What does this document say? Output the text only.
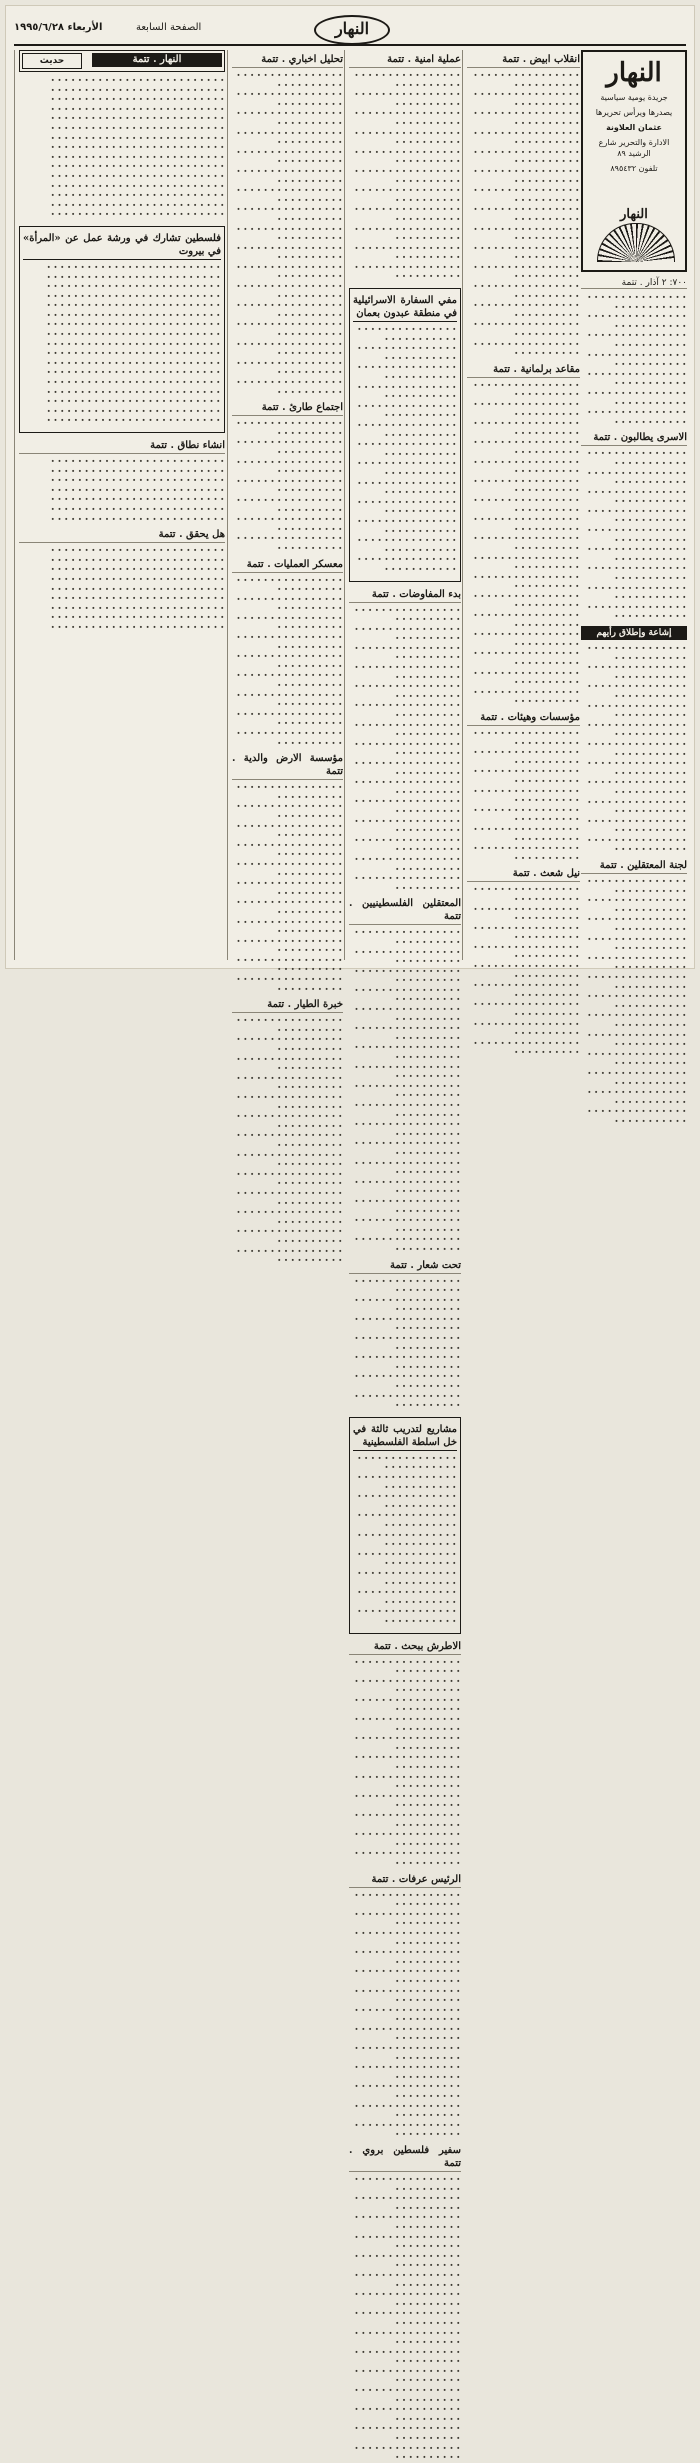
النهار
الصفحة السابعة
الأربعاء ١٩٩٥/٦/٢٨
النهار
جريدة يومية سياسية
يصدرها ويرأس تحريرها
عثمان العلاونة
الادارة والتحرير شارع الرشيد ٨٩
تلفون ٨٩٥٤٣٢
النهار
٧٠٠: ٢ آذار . تتمة

∙ ∙ ∙ ∙ ∙ ∙ ∙ ∙ ∙ ∙ ∙ ∙ ∙ ∙ ∙ ∙ ∙ ∙ ∙ ∙ ∙ ∙ ∙ ∙ ∙ ∙ 
∙ ∙ ∙ ∙ ∙ ∙ ∙ ∙ ∙ ∙ ∙ ∙ ∙ ∙ ∙ ∙ ∙ ∙ ∙ ∙ ∙ ∙ ∙ ∙ ∙ ∙ 
∙ ∙ ∙ ∙ ∙ ∙ ∙ ∙ ∙ ∙ ∙ ∙ ∙ ∙ ∙ ∙ ∙ ∙ ∙ ∙ ∙ ∙ ∙ ∙ ∙ ∙ 
∙ ∙ ∙ ∙ ∙ ∙ ∙ ∙ ∙ ∙ ∙ ∙ ∙ ∙ ∙ ∙ ∙ ∙ ∙ ∙ ∙ ∙ ∙ ∙ ∙ ∙ 
∙ ∙ ∙ ∙ ∙ ∙ ∙ ∙ ∙ ∙ ∙ ∙ ∙ ∙ ∙ ∙ ∙ ∙ ∙ ∙ ∙ ∙ ∙ ∙ ∙ ∙ 
∙ ∙ ∙ ∙ ∙ ∙ ∙ ∙ ∙ ∙ ∙ ∙ ∙ ∙ ∙ ∙ ∙ ∙ ∙ ∙ ∙ ∙ ∙ ∙ ∙ ∙ 
∙ ∙ ∙ ∙ ∙ ∙ ∙ ∙ ∙ ∙ ∙ ∙ ∙ ∙ ∙ ∙ ∙ ∙ ∙ ∙ ∙ ∙ ∙ ∙ ∙ ∙ 

الاسرى يطالبون . تتمة

∙ ∙ ∙ ∙ ∙ ∙ ∙ ∙ ∙ ∙ ∙ ∙ ∙ ∙ ∙ ∙ ∙ ∙ ∙ ∙ ∙ ∙ ∙ ∙ ∙ ∙ 
∙ ∙ ∙ ∙ ∙ ∙ ∙ ∙ ∙ ∙ ∙ ∙ ∙ ∙ ∙ ∙ ∙ ∙ ∙ ∙ ∙ ∙ ∙ ∙ ∙ ∙ 
∙ ∙ ∙ ∙ ∙ ∙ ∙ ∙ ∙ ∙ ∙ ∙ ∙ ∙ ∙ ∙ ∙ ∙ ∙ ∙ ∙ ∙ ∙ ∙ ∙ ∙ 
∙ ∙ ∙ ∙ ∙ ∙ ∙ ∙ ∙ ∙ ∙ ∙ ∙ ∙ ∙ ∙ ∙ ∙ ∙ ∙ ∙ ∙ ∙ ∙ ∙ ∙ 
∙ ∙ ∙ ∙ ∙ ∙ ∙ ∙ ∙ ∙ ∙ ∙ ∙ ∙ ∙ ∙ ∙ ∙ ∙ ∙ ∙ ∙ ∙ ∙ ∙ ∙ 
∙ ∙ ∙ ∙ ∙ ∙ ∙ ∙ ∙ ∙ ∙ ∙ ∙ ∙ ∙ ∙ ∙ ∙ ∙ ∙ ∙ ∙ ∙ ∙ ∙ ∙ 
∙ ∙ ∙ ∙ ∙ ∙ ∙ ∙ ∙ ∙ ∙ ∙ ∙ ∙ ∙ ∙ ∙ ∙ ∙ ∙ ∙ ∙ ∙ ∙ ∙ ∙ 
∙ ∙ ∙ ∙ ∙ ∙ ∙ ∙ ∙ ∙ ∙ ∙ ∙ ∙ ∙ ∙ ∙ ∙ ∙ ∙ ∙ ∙ ∙ ∙ ∙ ∙ 
∙ ∙ ∙ ∙ ∙ ∙ ∙ ∙ ∙ ∙ ∙ ∙ ∙ ∙ ∙ ∙ ∙ ∙ ∙ ∙ ∙ ∙ ∙ ∙ ∙ ∙ 

إشاعة وإطلاق رأيهم

∙ ∙ ∙ ∙ ∙ ∙ ∙ ∙ ∙ ∙ ∙ ∙ ∙ ∙ ∙ ∙ ∙ ∙ ∙ ∙ ∙ ∙ ∙ ∙ ∙ ∙ 
∙ ∙ ∙ ∙ ∙ ∙ ∙ ∙ ∙ ∙ ∙ ∙ ∙ ∙ ∙ ∙ ∙ ∙ ∙ ∙ ∙ ∙ ∙ ∙ ∙ ∙ 
∙ ∙ ∙ ∙ ∙ ∙ ∙ ∙ ∙ ∙ ∙ ∙ ∙ ∙ ∙ ∙ ∙ ∙ ∙ ∙ ∙ ∙ ∙ ∙ ∙ ∙ 
∙ ∙ ∙ ∙ ∙ ∙ ∙ ∙ ∙ ∙ ∙ ∙ ∙ ∙ ∙ ∙ ∙ ∙ ∙ ∙ ∙ ∙ ∙ ∙ ∙ ∙ 
∙ ∙ ∙ ∙ ∙ ∙ ∙ ∙ ∙ ∙ ∙ ∙ ∙ ∙ ∙ ∙ ∙ ∙ ∙ ∙ ∙ ∙ ∙ ∙ ∙ ∙ 
∙ ∙ ∙ ∙ ∙ ∙ ∙ ∙ ∙ ∙ ∙ ∙ ∙ ∙ ∙ ∙ ∙ ∙ ∙ ∙ ∙ ∙ ∙ ∙ ∙ ∙ 
∙ ∙ ∙ ∙ ∙ ∙ ∙ ∙ ∙ ∙ ∙ ∙ ∙ ∙ ∙ ∙ ∙ ∙ ∙ ∙ ∙ ∙ ∙ ∙ ∙ ∙ 
∙ ∙ ∙ ∙ ∙ ∙ ∙ ∙ ∙ ∙ ∙ ∙ ∙ ∙ ∙ ∙ ∙ ∙ ∙ ∙ ∙ ∙ ∙ ∙ ∙ ∙ 
∙ ∙ ∙ ∙ ∙ ∙ ∙ ∙ ∙ ∙ ∙ ∙ ∙ ∙ ∙ ∙ ∙ ∙ ∙ ∙ ∙ ∙ ∙ ∙ ∙ ∙ 
∙ ∙ ∙ ∙ ∙ ∙ ∙ ∙ ∙ ∙ ∙ ∙ ∙ ∙ ∙ ∙ ∙ ∙ ∙ ∙ ∙ ∙ ∙ ∙ ∙ ∙ 
∙ ∙ ∙ ∙ ∙ ∙ ∙ ∙ ∙ ∙ ∙ ∙ ∙ ∙ ∙ ∙ ∙ ∙ ∙ ∙ ∙ ∙ ∙ ∙ ∙ ∙ 

لجنة المعتقلين . تتمة

∙ ∙ ∙ ∙ ∙ ∙ ∙ ∙ ∙ ∙ ∙ ∙ ∙ ∙ ∙ ∙ ∙ ∙ ∙ ∙ ∙ ∙ ∙ ∙ ∙ ∙ 
∙ ∙ ∙ ∙ ∙ ∙ ∙ ∙ ∙ ∙ ∙ ∙ ∙ ∙ ∙ ∙ ∙ ∙ ∙ ∙ ∙ ∙ ∙ ∙ ∙ ∙ 
∙ ∙ ∙ ∙ ∙ ∙ ∙ ∙ ∙ ∙ ∙ ∙ ∙ ∙ ∙ ∙ ∙ ∙ ∙ ∙ ∙ ∙ ∙ ∙ ∙ ∙ 
∙ ∙ ∙ ∙ ∙ ∙ ∙ ∙ ∙ ∙ ∙ ∙ ∙ ∙ ∙ ∙ ∙ ∙ ∙ ∙ ∙ ∙ ∙ ∙ ∙ ∙ 
∙ ∙ ∙ ∙ ∙ ∙ ∙ ∙ ∙ ∙ ∙ ∙ ∙ ∙ ∙ ∙ ∙ ∙ ∙ ∙ ∙ ∙ ∙ ∙ ∙ ∙ 
∙ ∙ ∙ ∙ ∙ ∙ ∙ ∙ ∙ ∙ ∙ ∙ ∙ ∙ ∙ ∙ ∙ ∙ ∙ ∙ ∙ ∙ ∙ ∙ ∙ ∙ 
∙ ∙ ∙ ∙ ∙ ∙ ∙ ∙ ∙ ∙ ∙ ∙ ∙ ∙ ∙ ∙ ∙ ∙ ∙ ∙ ∙ ∙ ∙ ∙ ∙ ∙ 
∙ ∙ ∙ ∙ ∙ ∙ ∙ ∙ ∙ ∙ ∙ ∙ ∙ ∙ ∙ ∙ ∙ ∙ ∙ ∙ ∙ ∙ ∙ ∙ ∙ ∙ 
∙ ∙ ∙ ∙ ∙ ∙ ∙ ∙ ∙ ∙ ∙ ∙ ∙ ∙ ∙ ∙ ∙ ∙ ∙ ∙ ∙ ∙ ∙ ∙ ∙ ∙ 
∙ ∙ ∙ ∙ ∙ ∙ ∙ ∙ ∙ ∙ ∙ ∙ ∙ ∙ ∙ ∙ ∙ ∙ ∙ ∙ ∙ ∙ ∙ ∙ ∙ ∙ 
∙ ∙ ∙ ∙ ∙ ∙ ∙ ∙ ∙ ∙ ∙ ∙ ∙ ∙ ∙ ∙ ∙ ∙ ∙ ∙ ∙ ∙ ∙ ∙ ∙ ∙ 
∙ ∙ ∙ ∙ ∙ ∙ ∙ ∙ ∙ ∙ ∙ ∙ ∙ ∙ ∙ ∙ ∙ ∙ ∙ ∙ ∙ ∙ ∙ ∙ ∙ ∙ 
∙ ∙ ∙ ∙ ∙ ∙ ∙ ∙ ∙ ∙ ∙ ∙ ∙ ∙ ∙ ∙ ∙ ∙ ∙ ∙ ∙ ∙ ∙ ∙ ∙ ∙ 

انقلاب ابيض . تتمة

∙ ∙ ∙ ∙ ∙ ∙ ∙ ∙ ∙ ∙ ∙ ∙ ∙ ∙ ∙ ∙ ∙ ∙ ∙ ∙ ∙ ∙ ∙ ∙ ∙ ∙ 
∙ ∙ ∙ ∙ ∙ ∙ ∙ ∙ ∙ ∙ ∙ ∙ ∙ ∙ ∙ ∙ ∙ ∙ ∙ ∙ ∙ ∙ ∙ ∙ ∙ ∙ 
∙ ∙ ∙ ∙ ∙ ∙ ∙ ∙ ∙ ∙ ∙ ∙ ∙ ∙ ∙ ∙ ∙ ∙ ∙ ∙ ∙ ∙ ∙ ∙ ∙ ∙ 
∙ ∙ ∙ ∙ ∙ ∙ ∙ ∙ ∙ ∙ ∙ ∙ ∙ ∙ ∙ ∙ ∙ ∙ ∙ ∙ ∙ ∙ ∙ ∙ ∙ ∙ 
∙ ∙ ∙ ∙ ∙ ∙ ∙ ∙ ∙ ∙ ∙ ∙ ∙ ∙ ∙ ∙ ∙ ∙ ∙ ∙ ∙ ∙ ∙ ∙ ∙ ∙ 
∙ ∙ ∙ ∙ ∙ ∙ ∙ ∙ ∙ ∙ ∙ ∙ ∙ ∙ ∙ ∙ ∙ ∙ ∙ ∙ ∙ ∙ ∙ ∙ ∙ ∙ 
∙ ∙ ∙ ∙ ∙ ∙ ∙ ∙ ∙ ∙ ∙ ∙ ∙ ∙ ∙ ∙ ∙ ∙ ∙ ∙ ∙ ∙ ∙ ∙ ∙ ∙ 
∙ ∙ ∙ ∙ ∙ ∙ ∙ ∙ ∙ ∙ ∙ ∙ ∙ ∙ ∙ ∙ ∙ ∙ ∙ ∙ ∙ ∙ ∙ ∙ ∙ ∙ 
∙ ∙ ∙ ∙ ∙ ∙ ∙ ∙ ∙ ∙ ∙ ∙ ∙ ∙ ∙ ∙ ∙ ∙ ∙ ∙ ∙ ∙ ∙ ∙ ∙ ∙ 
∙ ∙ ∙ ∙ ∙ ∙ ∙ ∙ ∙ ∙ ∙ ∙ ∙ ∙ ∙ ∙ ∙ ∙ ∙ ∙ ∙ ∙ ∙ ∙ ∙ ∙ 
∙ ∙ ∙ ∙ ∙ ∙ ∙ ∙ ∙ ∙ ∙ ∙ ∙ ∙ ∙ ∙ ∙ ∙ ∙ ∙ ∙ ∙ ∙ ∙ ∙ ∙ 
∙ ∙ ∙ ∙ ∙ ∙ ∙ ∙ ∙ ∙ ∙ ∙ ∙ ∙ ∙ ∙ ∙ ∙ ∙ ∙ ∙ ∙ ∙ ∙ ∙ ∙ 
∙ ∙ ∙ ∙ ∙ ∙ ∙ ∙ ∙ ∙ ∙ ∙ ∙ ∙ ∙ ∙ ∙ ∙ ∙ ∙ ∙ ∙ ∙ ∙ ∙ ∙ 
∙ ∙ ∙ ∙ ∙ ∙ ∙ ∙ ∙ ∙ ∙ ∙ ∙ ∙ ∙ ∙ ∙ ∙ ∙ ∙ ∙ ∙ ∙ ∙ ∙ ∙ 
∙ ∙ ∙ ∙ ∙ ∙ ∙ ∙ ∙ ∙ ∙ ∙ ∙ ∙ ∙ ∙ ∙ ∙ ∙ ∙ ∙ ∙ ∙ ∙ ∙ ∙ 

مقاعد برلمانية . تتمة

∙ ∙ ∙ ∙ ∙ ∙ ∙ ∙ ∙ ∙ ∙ ∙ ∙ ∙ ∙ ∙ ∙ ∙ ∙ ∙ ∙ ∙ ∙ ∙ ∙ ∙ 
∙ ∙ ∙ ∙ ∙ ∙ ∙ ∙ ∙ ∙ ∙ ∙ ∙ ∙ ∙ ∙ ∙ ∙ ∙ ∙ ∙ ∙ ∙ ∙ ∙ ∙ 
∙ ∙ ∙ ∙ ∙ ∙ ∙ ∙ ∙ ∙ ∙ ∙ ∙ ∙ ∙ ∙ ∙ ∙ ∙ ∙ ∙ ∙ ∙ ∙ ∙ ∙ 
∙ ∙ ∙ ∙ ∙ ∙ ∙ ∙ ∙ ∙ ∙ ∙ ∙ ∙ ∙ ∙ ∙ ∙ ∙ ∙ ∙ ∙ ∙ ∙ ∙ ∙ 
∙ ∙ ∙ ∙ ∙ ∙ ∙ ∙ ∙ ∙ ∙ ∙ ∙ ∙ ∙ ∙ ∙ ∙ ∙ ∙ ∙ ∙ ∙ ∙ ∙ ∙ 
∙ ∙ ∙ ∙ ∙ ∙ ∙ ∙ ∙ ∙ ∙ ∙ ∙ ∙ ∙ ∙ ∙ ∙ ∙ ∙ ∙ ∙ ∙ ∙ ∙ ∙ 
∙ ∙ ∙ ∙ ∙ ∙ ∙ ∙ ∙ ∙ ∙ ∙ ∙ ∙ ∙ ∙ ∙ ∙ ∙ ∙ ∙ ∙ ∙ ∙ ∙ ∙ 
∙ ∙ ∙ ∙ ∙ ∙ ∙ ∙ ∙ ∙ ∙ ∙ ∙ ∙ ∙ ∙ ∙ ∙ ∙ ∙ ∙ ∙ ∙ ∙ ∙ ∙ 
∙ ∙ ∙ ∙ ∙ ∙ ∙ ∙ ∙ ∙ ∙ ∙ ∙ ∙ ∙ ∙ ∙ ∙ ∙ ∙ ∙ ∙ ∙ ∙ ∙ ∙ 
∙ ∙ ∙ ∙ ∙ ∙ ∙ ∙ ∙ ∙ ∙ ∙ ∙ ∙ ∙ ∙ ∙ ∙ ∙ ∙ ∙ ∙ ∙ ∙ ∙ ∙ 
∙ ∙ ∙ ∙ ∙ ∙ ∙ ∙ ∙ ∙ ∙ ∙ ∙ ∙ ∙ ∙ ∙ ∙ ∙ ∙ ∙ ∙ ∙ ∙ ∙ ∙ 
∙ ∙ ∙ ∙ ∙ ∙ ∙ ∙ ∙ ∙ ∙ ∙ ∙ ∙ ∙ ∙ ∙ ∙ ∙ ∙ ∙ ∙ ∙ ∙ ∙ ∙ 
∙ ∙ ∙ ∙ ∙ ∙ ∙ ∙ ∙ ∙ ∙ ∙ ∙ ∙ ∙ ∙ ∙ ∙ ∙ ∙ ∙ ∙ ∙ ∙ ∙ ∙ 
∙ ∙ ∙ ∙ ∙ ∙ ∙ ∙ ∙ ∙ ∙ ∙ ∙ ∙ ∙ ∙ ∙ ∙ ∙ ∙ ∙ ∙ ∙ ∙ ∙ ∙ 
∙ ∙ ∙ ∙ ∙ ∙ ∙ ∙ ∙ ∙ ∙ ∙ ∙ ∙ ∙ ∙ ∙ ∙ ∙ ∙ ∙ ∙ ∙ ∙ ∙ ∙ 
∙ ∙ ∙ ∙ ∙ ∙ ∙ ∙ ∙ ∙ ∙ ∙ ∙ ∙ ∙ ∙ ∙ ∙ ∙ ∙ ∙ ∙ ∙ ∙ ∙ ∙ 
∙ ∙ ∙ ∙ ∙ ∙ ∙ ∙ ∙ ∙ ∙ ∙ ∙ ∙ ∙ ∙ ∙ ∙ ∙ ∙ ∙ ∙ ∙ ∙ ∙ ∙ 

مؤسسات وهيئات . تتمة

∙ ∙ ∙ ∙ ∙ ∙ ∙ ∙ ∙ ∙ ∙ ∙ ∙ ∙ ∙ ∙ ∙ ∙ ∙ ∙ ∙ ∙ ∙ ∙ ∙ ∙ 
∙ ∙ ∙ ∙ ∙ ∙ ∙ ∙ ∙ ∙ ∙ ∙ ∙ ∙ ∙ ∙ ∙ ∙ ∙ ∙ ∙ ∙ ∙ ∙ ∙ ∙ 
∙ ∙ ∙ ∙ ∙ ∙ ∙ ∙ ∙ ∙ ∙ ∙ ∙ ∙ ∙ ∙ ∙ ∙ ∙ ∙ ∙ ∙ ∙ ∙ ∙ ∙ 
∙ ∙ ∙ ∙ ∙ ∙ ∙ ∙ ∙ ∙ ∙ ∙ ∙ ∙ ∙ ∙ ∙ ∙ ∙ ∙ ∙ ∙ ∙ ∙ ∙ ∙ 
∙ ∙ ∙ ∙ ∙ ∙ ∙ ∙ ∙ ∙ ∙ ∙ ∙ ∙ ∙ ∙ ∙ ∙ ∙ ∙ ∙ ∙ ∙ ∙ ∙ ∙ 
∙ ∙ ∙ ∙ ∙ ∙ ∙ ∙ ∙ ∙ ∙ ∙ ∙ ∙ ∙ ∙ ∙ ∙ ∙ ∙ ∙ ∙ ∙ ∙ ∙ ∙ 
∙ ∙ ∙ ∙ ∙ ∙ ∙ ∙ ∙ ∙ ∙ ∙ ∙ ∙ ∙ ∙ ∙ ∙ ∙ ∙ ∙ ∙ ∙ ∙ ∙ ∙ 

نيل شعث . تتمة

∙ ∙ ∙ ∙ ∙ ∙ ∙ ∙ ∙ ∙ ∙ ∙ ∙ ∙ ∙ ∙ ∙ ∙ ∙ ∙ ∙ ∙ ∙ ∙ ∙ ∙ 
∙ ∙ ∙ ∙ ∙ ∙ ∙ ∙ ∙ ∙ ∙ ∙ ∙ ∙ ∙ ∙ ∙ ∙ ∙ ∙ ∙ ∙ ∙ ∙ ∙ ∙ 
∙ ∙ ∙ ∙ ∙ ∙ ∙ ∙ ∙ ∙ ∙ ∙ ∙ ∙ ∙ ∙ ∙ ∙ ∙ ∙ ∙ ∙ ∙ ∙ ∙ ∙ 
∙ ∙ ∙ ∙ ∙ ∙ ∙ ∙ ∙ ∙ ∙ ∙ ∙ ∙ ∙ ∙ ∙ ∙ ∙ ∙ ∙ ∙ ∙ ∙ ∙ ∙ 
∙ ∙ ∙ ∙ ∙ ∙ ∙ ∙ ∙ ∙ ∙ ∙ ∙ ∙ ∙ ∙ ∙ ∙ ∙ ∙ ∙ ∙ ∙ ∙ ∙ ∙ 
∙ ∙ ∙ ∙ ∙ ∙ ∙ ∙ ∙ ∙ ∙ ∙ ∙ ∙ ∙ ∙ ∙ ∙ ∙ ∙ ∙ ∙ ∙ ∙ ∙ ∙ 
∙ ∙ ∙ ∙ ∙ ∙ ∙ ∙ ∙ ∙ ∙ ∙ ∙ ∙ ∙ ∙ ∙ ∙ ∙ ∙ ∙ ∙ ∙ ∙ ∙ ∙ 
∙ ∙ ∙ ∙ ∙ ∙ ∙ ∙ ∙ ∙ ∙ ∙ ∙ ∙ ∙ ∙ ∙ ∙ ∙ ∙ ∙ ∙ ∙ ∙ ∙ ∙ 
∙ ∙ ∙ ∙ ∙ ∙ ∙ ∙ ∙ ∙ ∙ ∙ ∙ ∙ ∙ ∙ ∙ ∙ ∙ ∙ ∙ ∙ ∙ ∙ ∙ ∙ 

عملية امنية . تتمة

∙ ∙ ∙ ∙ ∙ ∙ ∙ ∙ ∙ ∙ ∙ ∙ ∙ ∙ ∙ ∙ ∙ ∙ ∙ ∙ ∙ ∙ ∙ ∙ ∙ ∙ 
∙ ∙ ∙ ∙ ∙ ∙ ∙ ∙ ∙ ∙ ∙ ∙ ∙ ∙ ∙ ∙ ∙ ∙ ∙ ∙ ∙ ∙ ∙ ∙ ∙ ∙ 
∙ ∙ ∙ ∙ ∙ ∙ ∙ ∙ ∙ ∙ ∙ ∙ ∙ ∙ ∙ ∙ ∙ ∙ ∙ ∙ ∙ ∙ ∙ ∙ ∙ ∙ 
∙ ∙ ∙ ∙ ∙ ∙ ∙ ∙ ∙ ∙ ∙ ∙ ∙ ∙ ∙ ∙ ∙ ∙ ∙ ∙ ∙ ∙ ∙ ∙ ∙ ∙ 
∙ ∙ ∙ ∙ ∙ ∙ ∙ ∙ ∙ ∙ ∙ ∙ ∙ ∙ ∙ ∙ ∙ ∙ ∙ ∙ ∙ ∙ ∙ ∙ ∙ ∙ 
∙ ∙ ∙ ∙ ∙ ∙ ∙ ∙ ∙ ∙ ∙ ∙ ∙ ∙ ∙ ∙ ∙ ∙ ∙ ∙ ∙ ∙ ∙ ∙ ∙ ∙ 
∙ ∙ ∙ ∙ ∙ ∙ ∙ ∙ ∙ ∙ ∙ ∙ ∙ ∙ ∙ ∙ ∙ ∙ ∙ ∙ ∙ ∙ ∙ ∙ ∙ ∙ 
∙ ∙ ∙ ∙ ∙ ∙ ∙ ∙ ∙ ∙ ∙ ∙ ∙ ∙ ∙ ∙ ∙ ∙ ∙ ∙ ∙ ∙ ∙ ∙ ∙ ∙ 
∙ ∙ ∙ ∙ ∙ ∙ ∙ ∙ ∙ ∙ ∙ ∙ ∙ ∙ ∙ ∙ ∙ ∙ ∙ ∙ ∙ ∙ ∙ ∙ ∙ ∙ 
∙ ∙ ∙ ∙ ∙ ∙ ∙ ∙ ∙ ∙ ∙ ∙ ∙ ∙ ∙ ∙ ∙ ∙ ∙ ∙ ∙ ∙ ∙ ∙ ∙ ∙ 
∙ ∙ ∙ ∙ ∙ ∙ ∙ ∙ ∙ ∙ ∙ ∙ ∙ ∙ ∙ ∙ ∙ ∙ ∙ ∙ ∙ ∙ ∙ ∙ ∙ ∙ 

مفي السفارة الاسرائيلية في منطقة عبدون بعمان

∙ ∙ ∙ ∙ ∙ ∙ ∙ ∙ ∙ ∙ ∙ ∙ ∙ ∙ ∙ ∙ ∙ ∙ ∙ ∙ ∙ ∙ ∙ ∙ ∙ ∙ 
∙ ∙ ∙ ∙ ∙ ∙ ∙ ∙ ∙ ∙ ∙ ∙ ∙ ∙ ∙ ∙ ∙ ∙ ∙ ∙ ∙ ∙ ∙ ∙ ∙ ∙ 
∙ ∙ ∙ ∙ ∙ ∙ ∙ ∙ ∙ ∙ ∙ ∙ ∙ ∙ ∙ ∙ ∙ ∙ ∙ ∙ ∙ ∙ ∙ ∙ ∙ ∙ 
∙ ∙ ∙ ∙ ∙ ∙ ∙ ∙ ∙ ∙ ∙ ∙ ∙ ∙ ∙ ∙ ∙ ∙ ∙ ∙ ∙ ∙ ∙ ∙ ∙ ∙ 
∙ ∙ ∙ ∙ ∙ ∙ ∙ ∙ ∙ ∙ ∙ ∙ ∙ ∙ ∙ ∙ ∙ ∙ ∙ ∙ ∙ ∙ ∙ ∙ ∙ ∙ 
∙ ∙ ∙ ∙ ∙ ∙ ∙ ∙ ∙ ∙ ∙ ∙ ∙ ∙ ∙ ∙ ∙ ∙ ∙ ∙ ∙ ∙ ∙ ∙ ∙ ∙ 
∙ ∙ ∙ ∙ ∙ ∙ ∙ ∙ ∙ ∙ ∙ ∙ ∙ ∙ ∙ ∙ ∙ ∙ ∙ ∙ ∙ ∙ ∙ ∙ ∙ ∙ 
∙ ∙ ∙ ∙ ∙ ∙ ∙ ∙ ∙ ∙ ∙ ∙ ∙ ∙ ∙ ∙ ∙ ∙ ∙ ∙ ∙ ∙ ∙ ∙ ∙ ∙ 
∙ ∙ ∙ ∙ ∙ ∙ ∙ ∙ ∙ ∙ ∙ ∙ ∙ ∙ ∙ ∙ ∙ ∙ ∙ ∙ ∙ ∙ ∙ ∙ ∙ ∙ 
∙ ∙ ∙ ∙ ∙ ∙ ∙ ∙ ∙ ∙ ∙ ∙ ∙ ∙ ∙ ∙ ∙ ∙ ∙ ∙ ∙ ∙ ∙ ∙ ∙ ∙ 
∙ ∙ ∙ ∙ ∙ ∙ ∙ ∙ ∙ ∙ ∙ ∙ ∙ ∙ ∙ ∙ ∙ ∙ ∙ ∙ ∙ ∙ ∙ ∙ ∙ ∙ 
∙ ∙ ∙ ∙ ∙ ∙ ∙ ∙ ∙ ∙ ∙ ∙ ∙ ∙ ∙ ∙ ∙ ∙ ∙ ∙ ∙ ∙ ∙ ∙ ∙ ∙ 
∙ ∙ ∙ ∙ ∙ ∙ ∙ ∙ ∙ ∙ ∙ ∙ ∙ ∙ ∙ ∙ ∙ ∙ ∙ ∙ ∙ ∙ ∙ ∙ ∙ ∙ 

بدء المفاوضات . تتمة

∙ ∙ ∙ ∙ ∙ ∙ ∙ ∙ ∙ ∙ ∙ ∙ ∙ ∙ ∙ ∙ ∙ ∙ ∙ ∙ ∙ ∙ ∙ ∙ ∙ ∙ 
∙ ∙ ∙ ∙ ∙ ∙ ∙ ∙ ∙ ∙ ∙ ∙ ∙ ∙ ∙ ∙ ∙ ∙ ∙ ∙ ∙ ∙ ∙ ∙ ∙ ∙ 
∙ ∙ ∙ ∙ ∙ ∙ ∙ ∙ ∙ ∙ ∙ ∙ ∙ ∙ ∙ ∙ ∙ ∙ ∙ ∙ ∙ ∙ ∙ ∙ ∙ ∙ 
∙ ∙ ∙ ∙ ∙ ∙ ∙ ∙ ∙ ∙ ∙ ∙ ∙ ∙ ∙ ∙ ∙ ∙ ∙ ∙ ∙ ∙ ∙ ∙ ∙ ∙ 
∙ ∙ ∙ ∙ ∙ ∙ ∙ ∙ ∙ ∙ ∙ ∙ ∙ ∙ ∙ ∙ ∙ ∙ ∙ ∙ ∙ ∙ ∙ ∙ ∙ ∙ 
∙ ∙ ∙ ∙ ∙ ∙ ∙ ∙ ∙ ∙ ∙ ∙ ∙ ∙ ∙ ∙ ∙ ∙ ∙ ∙ ∙ ∙ ∙ ∙ ∙ ∙ 
∙ ∙ ∙ ∙ ∙ ∙ ∙ ∙ ∙ ∙ ∙ ∙ ∙ ∙ ∙ ∙ ∙ ∙ ∙ ∙ ∙ ∙ ∙ ∙ ∙ ∙ 
∙ ∙ ∙ ∙ ∙ ∙ ∙ ∙ ∙ ∙ ∙ ∙ ∙ ∙ ∙ ∙ ∙ ∙ ∙ ∙ ∙ ∙ ∙ ∙ ∙ ∙ 
∙ ∙ ∙ ∙ ∙ ∙ ∙ ∙ ∙ ∙ ∙ ∙ ∙ ∙ ∙ ∙ ∙ ∙ ∙ ∙ ∙ ∙ ∙ ∙ ∙ ∙ 
∙ ∙ ∙ ∙ ∙ ∙ ∙ ∙ ∙ ∙ ∙ ∙ ∙ ∙ ∙ ∙ ∙ ∙ ∙ ∙ ∙ ∙ ∙ ∙ ∙ ∙ 
∙ ∙ ∙ ∙ ∙ ∙ ∙ ∙ ∙ ∙ ∙ ∙ ∙ ∙ ∙ ∙ ∙ ∙ ∙ ∙ ∙ ∙ ∙ ∙ ∙ ∙ 
∙ ∙ ∙ ∙ ∙ ∙ ∙ ∙ ∙ ∙ ∙ ∙ ∙ ∙ ∙ ∙ ∙ ∙ ∙ ∙ ∙ ∙ ∙ ∙ ∙ ∙ 
∙ ∙ ∙ ∙ ∙ ∙ ∙ ∙ ∙ ∙ ∙ ∙ ∙ ∙ ∙ ∙ ∙ ∙ ∙ ∙ ∙ ∙ ∙ ∙ ∙ ∙ 
∙ ∙ ∙ ∙ ∙ ∙ ∙ ∙ ∙ ∙ ∙ ∙ ∙ ∙ ∙ ∙ ∙ ∙ ∙ ∙ ∙ ∙ ∙ ∙ ∙ ∙ 
∙ ∙ ∙ ∙ ∙ ∙ ∙ ∙ ∙ ∙ ∙ ∙ ∙ ∙ ∙ ∙ ∙ ∙ ∙ ∙ ∙ ∙ ∙ ∙ ∙ ∙ 

المعتقلين الفلسطينيين . تتمة

∙ ∙ ∙ ∙ ∙ ∙ ∙ ∙ ∙ ∙ ∙ ∙ ∙ ∙ ∙ ∙ ∙ ∙ ∙ ∙ ∙ ∙ ∙ ∙ ∙ ∙ 
∙ ∙ ∙ ∙ ∙ ∙ ∙ ∙ ∙ ∙ ∙ ∙ ∙ ∙ ∙ ∙ ∙ ∙ ∙ ∙ ∙ ∙ ∙ ∙ ∙ ∙ 
∙ ∙ ∙ ∙ ∙ ∙ ∙ ∙ ∙ ∙ ∙ ∙ ∙ ∙ ∙ ∙ ∙ ∙ ∙ ∙ ∙ ∙ ∙ ∙ ∙ ∙ 
∙ ∙ ∙ ∙ ∙ ∙ ∙ ∙ ∙ ∙ ∙ ∙ ∙ ∙ ∙ ∙ ∙ ∙ ∙ ∙ ∙ ∙ ∙ ∙ ∙ ∙ 
∙ ∙ ∙ ∙ ∙ ∙ ∙ ∙ ∙ ∙ ∙ ∙ ∙ ∙ ∙ ∙ ∙ ∙ ∙ ∙ ∙ ∙ ∙ ∙ ∙ ∙ 
∙ ∙ ∙ ∙ ∙ ∙ ∙ ∙ ∙ ∙ ∙ ∙ ∙ ∙ ∙ ∙ ∙ ∙ ∙ ∙ ∙ ∙ ∙ ∙ ∙ ∙ 
∙ ∙ ∙ ∙ ∙ ∙ ∙ ∙ ∙ ∙ ∙ ∙ ∙ ∙ ∙ ∙ ∙ ∙ ∙ ∙ ∙ ∙ ∙ ∙ ∙ ∙ 
∙ ∙ ∙ ∙ ∙ ∙ ∙ ∙ ∙ ∙ ∙ ∙ ∙ ∙ ∙ ∙ ∙ ∙ ∙ ∙ ∙ ∙ ∙ ∙ ∙ ∙ 
∙ ∙ ∙ ∙ ∙ ∙ ∙ ∙ ∙ ∙ ∙ ∙ ∙ ∙ ∙ ∙ ∙ ∙ ∙ ∙ ∙ ∙ ∙ ∙ ∙ ∙ 
∙ ∙ ∙ ∙ ∙ ∙ ∙ ∙ ∙ ∙ ∙ ∙ ∙ ∙ ∙ ∙ ∙ ∙ ∙ ∙ ∙ ∙ ∙ ∙ ∙ ∙ 
∙ ∙ ∙ ∙ ∙ ∙ ∙ ∙ ∙ ∙ ∙ ∙ ∙ ∙ ∙ ∙ ∙ ∙ ∙ ∙ ∙ ∙ ∙ ∙ ∙ ∙ 
∙ ∙ ∙ ∙ ∙ ∙ ∙ ∙ ∙ ∙ ∙ ∙ ∙ ∙ ∙ ∙ ∙ ∙ ∙ ∙ ∙ ∙ ∙ ∙ ∙ ∙ 
∙ ∙ ∙ ∙ ∙ ∙ ∙ ∙ ∙ ∙ ∙ ∙ ∙ ∙ ∙ ∙ ∙ ∙ ∙ ∙ ∙ ∙ ∙ ∙ ∙ ∙ 
∙ ∙ ∙ ∙ ∙ ∙ ∙ ∙ ∙ ∙ ∙ ∙ ∙ ∙ ∙ ∙ ∙ ∙ ∙ ∙ ∙ ∙ ∙ ∙ ∙ ∙ 
∙ ∙ ∙ ∙ ∙ ∙ ∙ ∙ ∙ ∙ ∙ ∙ ∙ ∙ ∙ ∙ ∙ ∙ ∙ ∙ ∙ ∙ ∙ ∙ ∙ ∙ 
∙ ∙ ∙ ∙ ∙ ∙ ∙ ∙ ∙ ∙ ∙ ∙ ∙ ∙ ∙ ∙ ∙ ∙ ∙ ∙ ∙ ∙ ∙ ∙ ∙ ∙ 
∙ ∙ ∙ ∙ ∙ ∙ ∙ ∙ ∙ ∙ ∙ ∙ ∙ ∙ ∙ ∙ ∙ ∙ ∙ ∙ ∙ ∙ ∙ ∙ ∙ ∙ 

تحت شعار . تتمة

∙ ∙ ∙ ∙ ∙ ∙ ∙ ∙ ∙ ∙ ∙ ∙ ∙ ∙ ∙ ∙ ∙ ∙ ∙ ∙ ∙ ∙ ∙ ∙ ∙ ∙ 
∙ ∙ ∙ ∙ ∙ ∙ ∙ ∙ ∙ ∙ ∙ ∙ ∙ ∙ ∙ ∙ ∙ ∙ ∙ ∙ ∙ ∙ ∙ ∙ ∙ ∙ 
∙ ∙ ∙ ∙ ∙ ∙ ∙ ∙ ∙ ∙ ∙ ∙ ∙ ∙ ∙ ∙ ∙ ∙ ∙ ∙ ∙ ∙ ∙ ∙ ∙ ∙ 
∙ ∙ ∙ ∙ ∙ ∙ ∙ ∙ ∙ ∙ ∙ ∙ ∙ ∙ ∙ ∙ ∙ ∙ ∙ ∙ ∙ ∙ ∙ ∙ ∙ ∙ 
∙ ∙ ∙ ∙ ∙ ∙ ∙ ∙ ∙ ∙ ∙ ∙ ∙ ∙ ∙ ∙ ∙ ∙ ∙ ∙ ∙ ∙ ∙ ∙ ∙ ∙ 
∙ ∙ ∙ ∙ ∙ ∙ ∙ ∙ ∙ ∙ ∙ ∙ ∙ ∙ ∙ ∙ ∙ ∙ ∙ ∙ ∙ ∙ ∙ ∙ ∙ ∙ 
∙ ∙ ∙ ∙ ∙ ∙ ∙ ∙ ∙ ∙ ∙ ∙ ∙ ∙ ∙ ∙ ∙ ∙ ∙ ∙ ∙ ∙ ∙ ∙ ∙ ∙ 

مشاريع لتدريب ثالثة في خل اسلطة الفلسطينية

∙ ∙ ∙ ∙ ∙ ∙ ∙ ∙ ∙ ∙ ∙ ∙ ∙ ∙ ∙ ∙ ∙ ∙ ∙ ∙ ∙ ∙ ∙ ∙ ∙ ∙ 
∙ ∙ ∙ ∙ ∙ ∙ ∙ ∙ ∙ ∙ ∙ ∙ ∙ ∙ ∙ ∙ ∙ ∙ ∙ ∙ ∙ ∙ ∙ ∙ ∙ ∙ 
∙ ∙ ∙ ∙ ∙ ∙ ∙ ∙ ∙ ∙ ∙ ∙ ∙ ∙ ∙ ∙ ∙ ∙ ∙ ∙ ∙ ∙ ∙ ∙ ∙ ∙ 
∙ ∙ ∙ ∙ ∙ ∙ ∙ ∙ ∙ ∙ ∙ ∙ ∙ ∙ ∙ ∙ ∙ ∙ ∙ ∙ ∙ ∙ ∙ ∙ ∙ ∙ 
∙ ∙ ∙ ∙ ∙ ∙ ∙ ∙ ∙ ∙ ∙ ∙ ∙ ∙ ∙ ∙ ∙ ∙ ∙ ∙ ∙ ∙ ∙ ∙ ∙ ∙ 
∙ ∙ ∙ ∙ ∙ ∙ ∙ ∙ ∙ ∙ ∙ ∙ ∙ ∙ ∙ ∙ ∙ ∙ ∙ ∙ ∙ ∙ ∙ ∙ ∙ ∙ 
∙ ∙ ∙ ∙ ∙ ∙ ∙ ∙ ∙ ∙ ∙ ∙ ∙ ∙ ∙ ∙ ∙ ∙ ∙ ∙ ∙ ∙ ∙ ∙ ∙ ∙ 
∙ ∙ ∙ ∙ ∙ ∙ ∙ ∙ ∙ ∙ ∙ ∙ ∙ ∙ ∙ ∙ ∙ ∙ ∙ ∙ ∙ ∙ ∙ ∙ ∙ ∙ 
∙ ∙ ∙ ∙ ∙ ∙ ∙ ∙ ∙ ∙ ∙ ∙ ∙ ∙ ∙ ∙ ∙ ∙ ∙ ∙ ∙ ∙ ∙ ∙ ∙ ∙ 

الاطرش ببحث . تتمة

∙ ∙ ∙ ∙ ∙ ∙ ∙ ∙ ∙ ∙ ∙ ∙ ∙ ∙ ∙ ∙ ∙ ∙ ∙ ∙ ∙ ∙ ∙ ∙ ∙ ∙ 
∙ ∙ ∙ ∙ ∙ ∙ ∙ ∙ ∙ ∙ ∙ ∙ ∙ ∙ ∙ ∙ ∙ ∙ ∙ ∙ ∙ ∙ ∙ ∙ ∙ ∙ 
∙ ∙ ∙ ∙ ∙ ∙ ∙ ∙ ∙ ∙ ∙ ∙ ∙ ∙ ∙ ∙ ∙ ∙ ∙ ∙ ∙ ∙ ∙ ∙ ∙ ∙ 
∙ ∙ ∙ ∙ ∙ ∙ ∙ ∙ ∙ ∙ ∙ ∙ ∙ ∙ ∙ ∙ ∙ ∙ ∙ ∙ ∙ ∙ ∙ ∙ ∙ ∙ 
∙ ∙ ∙ ∙ ∙ ∙ ∙ ∙ ∙ ∙ ∙ ∙ ∙ ∙ ∙ ∙ ∙ ∙ ∙ ∙ ∙ ∙ ∙ ∙ ∙ ∙ 
∙ ∙ ∙ ∙ ∙ ∙ ∙ ∙ ∙ ∙ ∙ ∙ ∙ ∙ ∙ ∙ ∙ ∙ ∙ ∙ ∙ ∙ ∙ ∙ ∙ ∙ 
∙ ∙ ∙ ∙ ∙ ∙ ∙ ∙ ∙ ∙ ∙ ∙ ∙ ∙ ∙ ∙ ∙ ∙ ∙ ∙ ∙ ∙ ∙ ∙ ∙ ∙ 
∙ ∙ ∙ ∙ ∙ ∙ ∙ ∙ ∙ ∙ ∙ ∙ ∙ ∙ ∙ ∙ ∙ ∙ ∙ ∙ ∙ ∙ ∙ ∙ ∙ ∙ 
∙ ∙ ∙ ∙ ∙ ∙ ∙ ∙ ∙ ∙ ∙ ∙ ∙ ∙ ∙ ∙ ∙ ∙ ∙ ∙ ∙ ∙ ∙ ∙ ∙ ∙ 
∙ ∙ ∙ ∙ ∙ ∙ ∙ ∙ ∙ ∙ ∙ ∙ ∙ ∙ ∙ ∙ ∙ ∙ ∙ ∙ ∙ ∙ ∙ ∙ ∙ ∙ 
∙ ∙ ∙ ∙ ∙ ∙ ∙ ∙ ∙ ∙ ∙ ∙ ∙ ∙ ∙ ∙ ∙ ∙ ∙ ∙ ∙ ∙ ∙ ∙ ∙ ∙ 

الرئيس عرفات . تتمة

∙ ∙ ∙ ∙ ∙ ∙ ∙ ∙ ∙ ∙ ∙ ∙ ∙ ∙ ∙ ∙ ∙ ∙ ∙ ∙ ∙ ∙ ∙ ∙ ∙ ∙ 
∙ ∙ ∙ ∙ ∙ ∙ ∙ ∙ ∙ ∙ ∙ ∙ ∙ ∙ ∙ ∙ ∙ ∙ ∙ ∙ ∙ ∙ ∙ ∙ ∙ ∙ 
∙ ∙ ∙ ∙ ∙ ∙ ∙ ∙ ∙ ∙ ∙ ∙ ∙ ∙ ∙ ∙ ∙ ∙ ∙ ∙ ∙ ∙ ∙ ∙ ∙ ∙ 
∙ ∙ ∙ ∙ ∙ ∙ ∙ ∙ ∙ ∙ ∙ ∙ ∙ ∙ ∙ ∙ ∙ ∙ ∙ ∙ ∙ ∙ ∙ ∙ ∙ ∙ 
∙ ∙ ∙ ∙ ∙ ∙ ∙ ∙ ∙ ∙ ∙ ∙ ∙ ∙ ∙ ∙ ∙ ∙ ∙ ∙ ∙ ∙ ∙ ∙ ∙ ∙ 
∙ ∙ ∙ ∙ ∙ ∙ ∙ ∙ ∙ ∙ ∙ ∙ ∙ ∙ ∙ ∙ ∙ ∙ ∙ ∙ ∙ ∙ ∙ ∙ ∙ ∙ 
∙ ∙ ∙ ∙ ∙ ∙ ∙ ∙ ∙ ∙ ∙ ∙ ∙ ∙ ∙ ∙ ∙ ∙ ∙ ∙ ∙ ∙ ∙ ∙ ∙ ∙ 
∙ ∙ ∙ ∙ ∙ ∙ ∙ ∙ ∙ ∙ ∙ ∙ ∙ ∙ ∙ ∙ ∙ ∙ ∙ ∙ ∙ ∙ ∙ ∙ ∙ ∙ 
∙ ∙ ∙ ∙ ∙ ∙ ∙ ∙ ∙ ∙ ∙ ∙ ∙ ∙ ∙ ∙ ∙ ∙ ∙ ∙ ∙ ∙ ∙ ∙ ∙ ∙ 
∙ ∙ ∙ ∙ ∙ ∙ ∙ ∙ ∙ ∙ ∙ ∙ ∙ ∙ ∙ ∙ ∙ ∙ ∙ ∙ ∙ ∙ ∙ ∙ ∙ ∙ 
∙ ∙ ∙ ∙ ∙ ∙ ∙ ∙ ∙ ∙ ∙ ∙ ∙ ∙ ∙ ∙ ∙ ∙ ∙ ∙ ∙ ∙ ∙ ∙ ∙ ∙ 
∙ ∙ ∙ ∙ ∙ ∙ ∙ ∙ ∙ ∙ ∙ ∙ ∙ ∙ ∙ ∙ ∙ ∙ ∙ ∙ ∙ ∙ ∙ ∙ ∙ ∙ 
∙ ∙ ∙ ∙ ∙ ∙ ∙ ∙ ∙ ∙ ∙ ∙ ∙ ∙ ∙ ∙ ∙ ∙ ∙ ∙ ∙ ∙ ∙ ∙ ∙ ∙ 

سفير فلسطين بروي . تتمة

∙ ∙ ∙ ∙ ∙ ∙ ∙ ∙ ∙ ∙ ∙ ∙ ∙ ∙ ∙ ∙ ∙ ∙ ∙ ∙ ∙ ∙ ∙ ∙ ∙ ∙ 
∙ ∙ ∙ ∙ ∙ ∙ ∙ ∙ ∙ ∙ ∙ ∙ ∙ ∙ ∙ ∙ ∙ ∙ ∙ ∙ ∙ ∙ ∙ ∙ ∙ ∙ 
∙ ∙ ∙ ∙ ∙ ∙ ∙ ∙ ∙ ∙ ∙ ∙ ∙ ∙ ∙ ∙ ∙ ∙ ∙ ∙ ∙ ∙ ∙ ∙ ∙ ∙ 
∙ ∙ ∙ ∙ ∙ ∙ ∙ ∙ ∙ ∙ ∙ ∙ ∙ ∙ ∙ ∙ ∙ ∙ ∙ ∙ ∙ ∙ ∙ ∙ ∙ ∙ 
∙ ∙ ∙ ∙ ∙ ∙ ∙ ∙ ∙ ∙ ∙ ∙ ∙ ∙ ∙ ∙ ∙ ∙ ∙ ∙ ∙ ∙ ∙ ∙ ∙ ∙ 
∙ ∙ ∙ ∙ ∙ ∙ ∙ ∙ ∙ ∙ ∙ ∙ ∙ ∙ ∙ ∙ ∙ ∙ ∙ ∙ ∙ ∙ ∙ ∙ ∙ ∙ 
∙ ∙ ∙ ∙ ∙ ∙ ∙ ∙ ∙ ∙ ∙ ∙ ∙ ∙ ∙ ∙ ∙ ∙ ∙ ∙ ∙ ∙ ∙ ∙ ∙ ∙ 
∙ ∙ ∙ ∙ ∙ ∙ ∙ ∙ ∙ ∙ ∙ ∙ ∙ ∙ ∙ ∙ ∙ ∙ ∙ ∙ ∙ ∙ ∙ ∙ ∙ ∙ 
∙ ∙ ∙ ∙ ∙ ∙ ∙ ∙ ∙ ∙ ∙ ∙ ∙ ∙ ∙ ∙ ∙ ∙ ∙ ∙ ∙ ∙ ∙ ∙ ∙ ∙ 
∙ ∙ ∙ ∙ ∙ ∙ ∙ ∙ ∙ ∙ ∙ ∙ ∙ ∙ ∙ ∙ ∙ ∙ ∙ ∙ ∙ ∙ ∙ ∙ ∙ ∙ 
∙ ∙ ∙ ∙ ∙ ∙ ∙ ∙ ∙ ∙ ∙ ∙ ∙ ∙ ∙ ∙ ∙ ∙ ∙ ∙ ∙ ∙ ∙ ∙ ∙ ∙ 
∙ ∙ ∙ ∙ ∙ ∙ ∙ ∙ ∙ ∙ ∙ ∙ ∙ ∙ ∙ ∙ ∙ ∙ ∙ ∙ ∙ ∙ ∙ ∙ ∙ ∙ 
∙ ∙ ∙ ∙ ∙ ∙ ∙ ∙ ∙ ∙ ∙ ∙ ∙ ∙ ∙ ∙ ∙ ∙ ∙ ∙ ∙ ∙ ∙ ∙ ∙ ∙ 
∙ ∙ ∙ ∙ ∙ ∙ ∙ ∙ ∙ ∙ ∙ ∙ ∙ ∙ ∙ ∙ ∙ ∙ ∙ ∙ ∙ ∙ ∙ ∙ ∙ ∙ 
∙ ∙ ∙ ∙ ∙ ∙ ∙ ∙ ∙ ∙ ∙ ∙ ∙ ∙ ∙ ∙ ∙ ∙ ∙ ∙ ∙ ∙ ∙ ∙ ∙ ∙ 

تحليل اخباري . تتمة

∙ ∙ ∙ ∙ ∙ ∙ ∙ ∙ ∙ ∙ ∙ ∙ ∙ ∙ ∙ ∙ ∙ ∙ ∙ ∙ ∙ ∙ ∙ ∙ ∙ ∙ 
∙ ∙ ∙ ∙ ∙ ∙ ∙ ∙ ∙ ∙ ∙ ∙ ∙ ∙ ∙ ∙ ∙ ∙ ∙ ∙ ∙ ∙ ∙ ∙ ∙ ∙ 
∙ ∙ ∙ ∙ ∙ ∙ ∙ ∙ ∙ ∙ ∙ ∙ ∙ ∙ ∙ ∙ ∙ ∙ ∙ ∙ ∙ ∙ ∙ ∙ ∙ ∙ 
∙ ∙ ∙ ∙ ∙ ∙ ∙ ∙ ∙ ∙ ∙ ∙ ∙ ∙ ∙ ∙ ∙ ∙ ∙ ∙ ∙ ∙ ∙ ∙ ∙ ∙ 
∙ ∙ ∙ ∙ ∙ ∙ ∙ ∙ ∙ ∙ ∙ ∙ ∙ ∙ ∙ ∙ ∙ ∙ ∙ ∙ ∙ ∙ ∙ ∙ ∙ ∙ 
∙ ∙ ∙ ∙ ∙ ∙ ∙ ∙ ∙ ∙ ∙ ∙ ∙ ∙ ∙ ∙ ∙ ∙ ∙ ∙ ∙ ∙ ∙ ∙ ∙ ∙ 
∙ ∙ ∙ ∙ ∙ ∙ ∙ ∙ ∙ ∙ ∙ ∙ ∙ ∙ ∙ ∙ ∙ ∙ ∙ ∙ ∙ ∙ ∙ ∙ ∙ ∙ 
∙ ∙ ∙ ∙ ∙ ∙ ∙ ∙ ∙ ∙ ∙ ∙ ∙ ∙ ∙ ∙ ∙ ∙ ∙ ∙ ∙ ∙ ∙ ∙ ∙ ∙ 
∙ ∙ ∙ ∙ ∙ ∙ ∙ ∙ ∙ ∙ ∙ ∙ ∙ ∙ ∙ ∙ ∙ ∙ ∙ ∙ ∙ ∙ ∙ ∙ ∙ ∙ 
∙ ∙ ∙ ∙ ∙ ∙ ∙ ∙ ∙ ∙ ∙ ∙ ∙ ∙ ∙ ∙ ∙ ∙ ∙ ∙ ∙ ∙ ∙ ∙ ∙ ∙ 
∙ ∙ ∙ ∙ ∙ ∙ ∙ ∙ ∙ ∙ ∙ ∙ ∙ ∙ ∙ ∙ ∙ ∙ ∙ ∙ ∙ ∙ ∙ ∙ ∙ ∙ 
∙ ∙ ∙ ∙ ∙ ∙ ∙ ∙ ∙ ∙ ∙ ∙ ∙ ∙ ∙ ∙ ∙ ∙ ∙ ∙ ∙ ∙ ∙ ∙ ∙ ∙ 
∙ ∙ ∙ ∙ ∙ ∙ ∙ ∙ ∙ ∙ ∙ ∙ ∙ ∙ ∙ ∙ ∙ ∙ ∙ ∙ ∙ ∙ ∙ ∙ ∙ ∙ 
∙ ∙ ∙ ∙ ∙ ∙ ∙ ∙ ∙ ∙ ∙ ∙ ∙ ∙ ∙ ∙ ∙ ∙ ∙ ∙ ∙ ∙ ∙ ∙ ∙ ∙ 
∙ ∙ ∙ ∙ ∙ ∙ ∙ ∙ ∙ ∙ ∙ ∙ ∙ ∙ ∙ ∙ ∙ ∙ ∙ ∙ ∙ ∙ ∙ ∙ ∙ ∙ 
∙ ∙ ∙ ∙ ∙ ∙ ∙ ∙ ∙ ∙ ∙ ∙ ∙ ∙ ∙ ∙ ∙ ∙ ∙ ∙ ∙ ∙ ∙ ∙ ∙ ∙ 
∙ ∙ ∙ ∙ ∙ ∙ ∙ ∙ ∙ ∙ ∙ ∙ ∙ ∙ ∙ ∙ ∙ ∙ ∙ ∙ ∙ ∙ ∙ ∙ ∙ ∙ 

اجتماع طارئ . تتمة

∙ ∙ ∙ ∙ ∙ ∙ ∙ ∙ ∙ ∙ ∙ ∙ ∙ ∙ ∙ ∙ ∙ ∙ ∙ ∙ ∙ ∙ ∙ ∙ ∙ ∙ 
∙ ∙ ∙ ∙ ∙ ∙ ∙ ∙ ∙ ∙ ∙ ∙ ∙ ∙ ∙ ∙ ∙ ∙ ∙ ∙ ∙ ∙ ∙ ∙ ∙ ∙ 
∙ ∙ ∙ ∙ ∙ ∙ ∙ ∙ ∙ ∙ ∙ ∙ ∙ ∙ ∙ ∙ ∙ ∙ ∙ ∙ ∙ ∙ ∙ ∙ ∙ ∙ 
∙ ∙ ∙ ∙ ∙ ∙ ∙ ∙ ∙ ∙ ∙ ∙ ∙ ∙ ∙ ∙ ∙ ∙ ∙ ∙ ∙ ∙ ∙ ∙ ∙ ∙ 
∙ ∙ ∙ ∙ ∙ ∙ ∙ ∙ ∙ ∙ ∙ ∙ ∙ ∙ ∙ ∙ ∙ ∙ ∙ ∙ ∙ ∙ ∙ ∙ ∙ ∙ 
∙ ∙ ∙ ∙ ∙ ∙ ∙ ∙ ∙ ∙ ∙ ∙ ∙ ∙ ∙ ∙ ∙ ∙ ∙ ∙ ∙ ∙ ∙ ∙ ∙ ∙ 
∙ ∙ ∙ ∙ ∙ ∙ ∙ ∙ ∙ ∙ ∙ ∙ ∙ ∙ ∙ ∙ ∙ ∙ ∙ ∙ ∙ ∙ ∙ ∙ ∙ ∙ 

معسكر العمليات . تتمة

∙ ∙ ∙ ∙ ∙ ∙ ∙ ∙ ∙ ∙ ∙ ∙ ∙ ∙ ∙ ∙ ∙ ∙ ∙ ∙ ∙ ∙ ∙ ∙ ∙ ∙ 
∙ ∙ ∙ ∙ ∙ ∙ ∙ ∙ ∙ ∙ ∙ ∙ ∙ ∙ ∙ ∙ ∙ ∙ ∙ ∙ ∙ ∙ ∙ ∙ ∙ ∙ 
∙ ∙ ∙ ∙ ∙ ∙ ∙ ∙ ∙ ∙ ∙ ∙ ∙ ∙ ∙ ∙ ∙ ∙ ∙ ∙ ∙ ∙ ∙ ∙ ∙ ∙ 
∙ ∙ ∙ ∙ ∙ ∙ ∙ ∙ ∙ ∙ ∙ ∙ ∙ ∙ ∙ ∙ ∙ ∙ ∙ ∙ ∙ ∙ ∙ ∙ ∙ ∙ 
∙ ∙ ∙ ∙ ∙ ∙ ∙ ∙ ∙ ∙ ∙ ∙ ∙ ∙ ∙ ∙ ∙ ∙ ∙ ∙ ∙ ∙ ∙ ∙ ∙ ∙ 
∙ ∙ ∙ ∙ ∙ ∙ ∙ ∙ ∙ ∙ ∙ ∙ ∙ ∙ ∙ ∙ ∙ ∙ ∙ ∙ ∙ ∙ ∙ ∙ ∙ ∙ 
∙ ∙ ∙ ∙ ∙ ∙ ∙ ∙ ∙ ∙ ∙ ∙ ∙ ∙ ∙ ∙ ∙ ∙ ∙ ∙ ∙ ∙ ∙ ∙ ∙ ∙ 
∙ ∙ ∙ ∙ ∙ ∙ ∙ ∙ ∙ ∙ ∙ ∙ ∙ ∙ ∙ ∙ ∙ ∙ ∙ ∙ ∙ ∙ ∙ ∙ ∙ ∙ 
∙ ∙ ∙ ∙ ∙ ∙ ∙ ∙ ∙ ∙ ∙ ∙ ∙ ∙ ∙ ∙ ∙ ∙ ∙ ∙ ∙ ∙ ∙ ∙ ∙ ∙ 

مؤسسة الارض والدية . تتمة

∙ ∙ ∙ ∙ ∙ ∙ ∙ ∙ ∙ ∙ ∙ ∙ ∙ ∙ ∙ ∙ ∙ ∙ ∙ ∙ ∙ ∙ ∙ ∙ ∙ ∙ 
∙ ∙ ∙ ∙ ∙ ∙ ∙ ∙ ∙ ∙ ∙ ∙ ∙ ∙ ∙ ∙ ∙ ∙ ∙ ∙ ∙ ∙ ∙ ∙ ∙ ∙ 
∙ ∙ ∙ ∙ ∙ ∙ ∙ ∙ ∙ ∙ ∙ ∙ ∙ ∙ ∙ ∙ ∙ ∙ ∙ ∙ ∙ ∙ ∙ ∙ ∙ ∙ 
∙ ∙ ∙ ∙ ∙ ∙ ∙ ∙ ∙ ∙ ∙ ∙ ∙ ∙ ∙ ∙ ∙ ∙ ∙ ∙ ∙ ∙ ∙ ∙ ∙ ∙ 
∙ ∙ ∙ ∙ ∙ ∙ ∙ ∙ ∙ ∙ ∙ ∙ ∙ ∙ ∙ ∙ ∙ ∙ ∙ ∙ ∙ ∙ ∙ ∙ ∙ ∙ 
∙ ∙ ∙ ∙ ∙ ∙ ∙ ∙ ∙ ∙ ∙ ∙ ∙ ∙ ∙ ∙ ∙ ∙ ∙ ∙ ∙ ∙ ∙ ∙ ∙ ∙ 
∙ ∙ ∙ ∙ ∙ ∙ ∙ ∙ ∙ ∙ ∙ ∙ ∙ ∙ ∙ ∙ ∙ ∙ ∙ ∙ ∙ ∙ ∙ ∙ ∙ ∙ 
∙ ∙ ∙ ∙ ∙ ∙ ∙ ∙ ∙ ∙ ∙ ∙ ∙ ∙ ∙ ∙ ∙ ∙ ∙ ∙ ∙ ∙ ∙ ∙ ∙ ∙ 
∙ ∙ ∙ ∙ ∙ ∙ ∙ ∙ ∙ ∙ ∙ ∙ ∙ ∙ ∙ ∙ ∙ ∙ ∙ ∙ ∙ ∙ ∙ ∙ ∙ ∙ 
∙ ∙ ∙ ∙ ∙ ∙ ∙ ∙ ∙ ∙ ∙ ∙ ∙ ∙ ∙ ∙ ∙ ∙ ∙ ∙ ∙ ∙ ∙ ∙ ∙ ∙ 
∙ ∙ ∙ ∙ ∙ ∙ ∙ ∙ ∙ ∙ ∙ ∙ ∙ ∙ ∙ ∙ ∙ ∙ ∙ ∙ ∙ ∙ ∙ ∙ ∙ ∙ 

خبرة الطيار . تتمة

∙ ∙ ∙ ∙ ∙ ∙ ∙ ∙ ∙ ∙ ∙ ∙ ∙ ∙ ∙ ∙ ∙ ∙ ∙ ∙ ∙ ∙ ∙ ∙ ∙ ∙ 
∙ ∙ ∙ ∙ ∙ ∙ ∙ ∙ ∙ ∙ ∙ ∙ ∙ ∙ ∙ ∙ ∙ ∙ ∙ ∙ ∙ ∙ ∙ ∙ ∙ ∙ 
∙ ∙ ∙ ∙ ∙ ∙ ∙ ∙ ∙ ∙ ∙ ∙ ∙ ∙ ∙ ∙ ∙ ∙ ∙ ∙ ∙ ∙ ∙ ∙ ∙ ∙ 
∙ ∙ ∙ ∙ ∙ ∙ ∙ ∙ ∙ ∙ ∙ ∙ ∙ ∙ ∙ ∙ ∙ ∙ ∙ ∙ ∙ ∙ ∙ ∙ ∙ ∙ 
∙ ∙ ∙ ∙ ∙ ∙ ∙ ∙ ∙ ∙ ∙ ∙ ∙ ∙ ∙ ∙ ∙ ∙ ∙ ∙ ∙ ∙ ∙ ∙ ∙ ∙ 
∙ ∙ ∙ ∙ ∙ ∙ ∙ ∙ ∙ ∙ ∙ ∙ ∙ ∙ ∙ ∙ ∙ ∙ ∙ ∙ ∙ ∙ ∙ ∙ ∙ ∙ 
∙ ∙ ∙ ∙ ∙ ∙ ∙ ∙ ∙ ∙ ∙ ∙ ∙ ∙ ∙ ∙ ∙ ∙ ∙ ∙ ∙ ∙ ∙ ∙ ∙ ∙ 
∙ ∙ ∙ ∙ ∙ ∙ ∙ ∙ ∙ ∙ ∙ ∙ ∙ ∙ ∙ ∙ ∙ ∙ ∙ ∙ ∙ ∙ ∙ ∙ ∙ ∙ 
∙ ∙ ∙ ∙ ∙ ∙ ∙ ∙ ∙ ∙ ∙ ∙ ∙ ∙ ∙ ∙ ∙ ∙ ∙ ∙ ∙ ∙ ∙ ∙ ∙ ∙ 
∙ ∙ ∙ ∙ ∙ ∙ ∙ ∙ ∙ ∙ ∙ ∙ ∙ ∙ ∙ ∙ ∙ ∙ ∙ ∙ ∙ ∙ ∙ ∙ ∙ ∙ 
∙ ∙ ∙ ∙ ∙ ∙ ∙ ∙ ∙ ∙ ∙ ∙ ∙ ∙ ∙ ∙ ∙ ∙ ∙ ∙ ∙ ∙ ∙ ∙ ∙ ∙ 
∙ ∙ ∙ ∙ ∙ ∙ ∙ ∙ ∙ ∙ ∙ ∙ ∙ ∙ ∙ ∙ ∙ ∙ ∙ ∙ ∙ ∙ ∙ ∙ ∙ ∙ 
∙ ∙ ∙ ∙ ∙ ∙ ∙ ∙ ∙ ∙ ∙ ∙ ∙ ∙ ∙ ∙ ∙ ∙ ∙ ∙ ∙ ∙ ∙ ∙ ∙ ∙ 

النهار . تتمة
حديث

∙ ∙ ∙ ∙ ∙ ∙ ∙ ∙ ∙ ∙ ∙ ∙ ∙ ∙ ∙ ∙ ∙ ∙ ∙ ∙ ∙ ∙ ∙ ∙ ∙ ∙ 
∙ ∙ ∙ ∙ ∙ ∙ ∙ ∙ ∙ ∙ ∙ ∙ ∙ ∙ ∙ ∙ ∙ ∙ ∙ ∙ ∙ ∙ ∙ ∙ ∙ ∙ 
∙ ∙ ∙ ∙ ∙ ∙ ∙ ∙ ∙ ∙ ∙ ∙ ∙ ∙ ∙ ∙ ∙ ∙ ∙ ∙ ∙ ∙ ∙ ∙ ∙ ∙ 
∙ ∙ ∙ ∙ ∙ ∙ ∙ ∙ ∙ ∙ ∙ ∙ ∙ ∙ ∙ ∙ ∙ ∙ ∙ ∙ ∙ ∙ ∙ ∙ ∙ ∙ 
∙ ∙ ∙ ∙ ∙ ∙ ∙ ∙ ∙ ∙ ∙ ∙ ∙ ∙ ∙ ∙ ∙ ∙ ∙ ∙ ∙ ∙ ∙ ∙ ∙ ∙ 
∙ ∙ ∙ ∙ ∙ ∙ ∙ ∙ ∙ ∙ ∙ ∙ ∙ ∙ ∙ ∙ ∙ ∙ ∙ ∙ ∙ ∙ ∙ ∙ ∙ ∙ 
∙ ∙ ∙ ∙ ∙ ∙ ∙ ∙ ∙ ∙ ∙ ∙ ∙ ∙ ∙ ∙ ∙ ∙ ∙ ∙ ∙ ∙ ∙ ∙ ∙ ∙ 
∙ ∙ ∙ ∙ ∙ ∙ ∙ ∙ ∙ ∙ ∙ ∙ ∙ ∙ ∙ ∙ ∙ ∙ ∙ ∙ ∙ ∙ ∙ ∙ ∙ ∙ 
∙ ∙ ∙ ∙ ∙ ∙ ∙ ∙ ∙ ∙ ∙ ∙ ∙ ∙ ∙ ∙ ∙ ∙ ∙ ∙ ∙ ∙ ∙ ∙ ∙ ∙ 
∙ ∙ ∙ ∙ ∙ ∙ ∙ ∙ ∙ ∙ ∙ ∙ ∙ ∙ ∙ ∙ ∙ ∙ ∙ ∙ ∙ ∙ ∙ ∙ ∙ ∙ 
∙ ∙ ∙ ∙ ∙ ∙ ∙ ∙ ∙ ∙ ∙ ∙ ∙ ∙ ∙ ∙ ∙ ∙ ∙ ∙ ∙ ∙ ∙ ∙ ∙ ∙ 
∙ ∙ ∙ ∙ ∙ ∙ ∙ ∙ ∙ ∙ ∙ ∙ ∙ ∙ ∙ ∙ ∙ ∙ ∙ ∙ ∙ ∙ ∙ ∙ ∙ ∙ 
∙ ∙ ∙ ∙ ∙ ∙ ∙ ∙ ∙ ∙ ∙ ∙ ∙ ∙ ∙ ∙ ∙ ∙ ∙ ∙ ∙ ∙ ∙ ∙ ∙ ∙ 
∙ ∙ ∙ ∙ ∙ ∙ ∙ ∙ ∙ ∙ ∙ ∙ ∙ ∙ ∙ ∙ ∙ ∙ ∙ ∙ ∙ ∙ ∙ ∙ ∙ ∙ 
∙ ∙ ∙ ∙ ∙ ∙ ∙ ∙ ∙ ∙ ∙ ∙ ∙ ∙ ∙ ∙ ∙ ∙ ∙ ∙ ∙ ∙ ∙ ∙ ∙ ∙ 

فلسطين تشارك في ورشة عمل عن «المرأة» في بيروت

∙ ∙ ∙ ∙ ∙ ∙ ∙ ∙ ∙ ∙ ∙ ∙ ∙ ∙ ∙ ∙ ∙ ∙ ∙ ∙ ∙ ∙ ∙ ∙ ∙ ∙ 
∙ ∙ ∙ ∙ ∙ ∙ ∙ ∙ ∙ ∙ ∙ ∙ ∙ ∙ ∙ ∙ ∙ ∙ ∙ ∙ ∙ ∙ ∙ ∙ ∙ ∙ 
∙ ∙ ∙ ∙ ∙ ∙ ∙ ∙ ∙ ∙ ∙ ∙ ∙ ∙ ∙ ∙ ∙ ∙ ∙ ∙ ∙ ∙ ∙ ∙ ∙ ∙ 
∙ ∙ ∙ ∙ ∙ ∙ ∙ ∙ ∙ ∙ ∙ ∙ ∙ ∙ ∙ ∙ ∙ ∙ ∙ ∙ ∙ ∙ ∙ ∙ ∙ ∙ 
∙ ∙ ∙ ∙ ∙ ∙ ∙ ∙ ∙ ∙ ∙ ∙ ∙ ∙ ∙ ∙ ∙ ∙ ∙ ∙ ∙ ∙ ∙ ∙ ∙ ∙ 
∙ ∙ ∙ ∙ ∙ ∙ ∙ ∙ ∙ ∙ ∙ ∙ ∙ ∙ ∙ ∙ ∙ ∙ ∙ ∙ ∙ ∙ ∙ ∙ ∙ ∙ 
∙ ∙ ∙ ∙ ∙ ∙ ∙ ∙ ∙ ∙ ∙ ∙ ∙ ∙ ∙ ∙ ∙ ∙ ∙ ∙ ∙ ∙ ∙ ∙ ∙ ∙ 
∙ ∙ ∙ ∙ ∙ ∙ ∙ ∙ ∙ ∙ ∙ ∙ ∙ ∙ ∙ ∙ ∙ ∙ ∙ ∙ ∙ ∙ ∙ ∙ ∙ ∙ 
∙ ∙ ∙ ∙ ∙ ∙ ∙ ∙ ∙ ∙ ∙ ∙ ∙ ∙ ∙ ∙ ∙ ∙ ∙ ∙ ∙ ∙ ∙ ∙ ∙ ∙ 
∙ ∙ ∙ ∙ ∙ ∙ ∙ ∙ ∙ ∙ ∙ ∙ ∙ ∙ ∙ ∙ ∙ ∙ ∙ ∙ ∙ ∙ ∙ ∙ ∙ ∙ 
∙ ∙ ∙ ∙ ∙ ∙ ∙ ∙ ∙ ∙ ∙ ∙ ∙ ∙ ∙ ∙ ∙ ∙ ∙ ∙ ∙ ∙ ∙ ∙ ∙ ∙ 
∙ ∙ ∙ ∙ ∙ ∙ ∙ ∙ ∙ ∙ ∙ ∙ ∙ ∙ ∙ ∙ ∙ ∙ ∙ ∙ ∙ ∙ ∙ ∙ ∙ ∙ 
∙ ∙ ∙ ∙ ∙ ∙ ∙ ∙ ∙ ∙ ∙ ∙ ∙ ∙ ∙ ∙ ∙ ∙ ∙ ∙ ∙ ∙ ∙ ∙ ∙ ∙ 
∙ ∙ ∙ ∙ ∙ ∙ ∙ ∙ ∙ ∙ ∙ ∙ ∙ ∙ ∙ ∙ ∙ ∙ ∙ ∙ ∙ ∙ ∙ ∙ ∙ ∙ 
∙ ∙ ∙ ∙ ∙ ∙ ∙ ∙ ∙ ∙ ∙ ∙ ∙ ∙ ∙ ∙ ∙ ∙ ∙ ∙ ∙ ∙ ∙ ∙ ∙ ∙ 
∙ ∙ ∙ ∙ ∙ ∙ ∙ ∙ ∙ ∙ ∙ ∙ ∙ ∙ ∙ ∙ ∙ ∙ ∙ ∙ ∙ ∙ ∙ ∙ ∙ ∙ 
∙ ∙ ∙ ∙ ∙ ∙ ∙ ∙ ∙ ∙ ∙ ∙ ∙ ∙ ∙ ∙ ∙ ∙ ∙ ∙ ∙ ∙ ∙ ∙ ∙ ∙ 

انشاء نطاق . تتمة

∙ ∙ ∙ ∙ ∙ ∙ ∙ ∙ ∙ ∙ ∙ ∙ ∙ ∙ ∙ ∙ ∙ ∙ ∙ ∙ ∙ ∙ ∙ ∙ ∙ ∙ 
∙ ∙ ∙ ∙ ∙ ∙ ∙ ∙ ∙ ∙ ∙ ∙ ∙ ∙ ∙ ∙ ∙ ∙ ∙ ∙ ∙ ∙ ∙ ∙ ∙ ∙ 
∙ ∙ ∙ ∙ ∙ ∙ ∙ ∙ ∙ ∙ ∙ ∙ ∙ ∙ ∙ ∙ ∙ ∙ ∙ ∙ ∙ ∙ ∙ ∙ ∙ ∙ 
∙ ∙ ∙ ∙ ∙ ∙ ∙ ∙ ∙ ∙ ∙ ∙ ∙ ∙ ∙ ∙ ∙ ∙ ∙ ∙ ∙ ∙ ∙ ∙ ∙ ∙ 
∙ ∙ ∙ ∙ ∙ ∙ ∙ ∙ ∙ ∙ ∙ ∙ ∙ ∙ ∙ ∙ ∙ ∙ ∙ ∙ ∙ ∙ ∙ ∙ ∙ ∙ 
∙ ∙ ∙ ∙ ∙ ∙ ∙ ∙ ∙ ∙ ∙ ∙ ∙ ∙ ∙ ∙ ∙ ∙ ∙ ∙ ∙ ∙ ∙ ∙ ∙ ∙ 
∙ ∙ ∙ ∙ ∙ ∙ ∙ ∙ ∙ ∙ ∙ ∙ ∙ ∙ ∙ ∙ ∙ ∙ ∙ ∙ ∙ ∙ ∙ ∙ ∙ ∙ 

هل يحقق . تتمة

∙ ∙ ∙ ∙ ∙ ∙ ∙ ∙ ∙ ∙ ∙ ∙ ∙ ∙ ∙ ∙ ∙ ∙ ∙ ∙ ∙ ∙ ∙ ∙ ∙ ∙ 
∙ ∙ ∙ ∙ ∙ ∙ ∙ ∙ ∙ ∙ ∙ ∙ ∙ ∙ ∙ ∙ ∙ ∙ ∙ ∙ ∙ ∙ ∙ ∙ ∙ ∙ 
∙ ∙ ∙ ∙ ∙ ∙ ∙ ∙ ∙ ∙ ∙ ∙ ∙ ∙ ∙ ∙ ∙ ∙ ∙ ∙ ∙ ∙ ∙ ∙ ∙ ∙ 
∙ ∙ ∙ ∙ ∙ ∙ ∙ ∙ ∙ ∙ ∙ ∙ ∙ ∙ ∙ ∙ ∙ ∙ ∙ ∙ ∙ ∙ ∙ ∙ ∙ ∙ 
∙ ∙ ∙ ∙ ∙ ∙ ∙ ∙ ∙ ∙ ∙ ∙ ∙ ∙ ∙ ∙ ∙ ∙ ∙ ∙ ∙ ∙ ∙ ∙ ∙ ∙ 
∙ ∙ ∙ ∙ ∙ ∙ ∙ ∙ ∙ ∙ ∙ ∙ ∙ ∙ ∙ ∙ ∙ ∙ ∙ ∙ ∙ ∙ ∙ ∙ ∙ ∙ 
∙ ∙ ∙ ∙ ∙ ∙ ∙ ∙ ∙ ∙ ∙ ∙ ∙ ∙ ∙ ∙ ∙ ∙ ∙ ∙ ∙ ∙ ∙ ∙ ∙ ∙ 
∙ ∙ ∙ ∙ ∙ ∙ ∙ ∙ ∙ ∙ ∙ ∙ ∙ ∙ ∙ ∙ ∙ ∙ ∙ ∙ ∙ ∙ ∙ ∙ ∙ ∙ 
∙ ∙ ∙ ∙ ∙ ∙ ∙ ∙ ∙ ∙ ∙ ∙ ∙ ∙ ∙ ∙ ∙ ∙ ∙ ∙ ∙ ∙ ∙ ∙ ∙ ∙ 
